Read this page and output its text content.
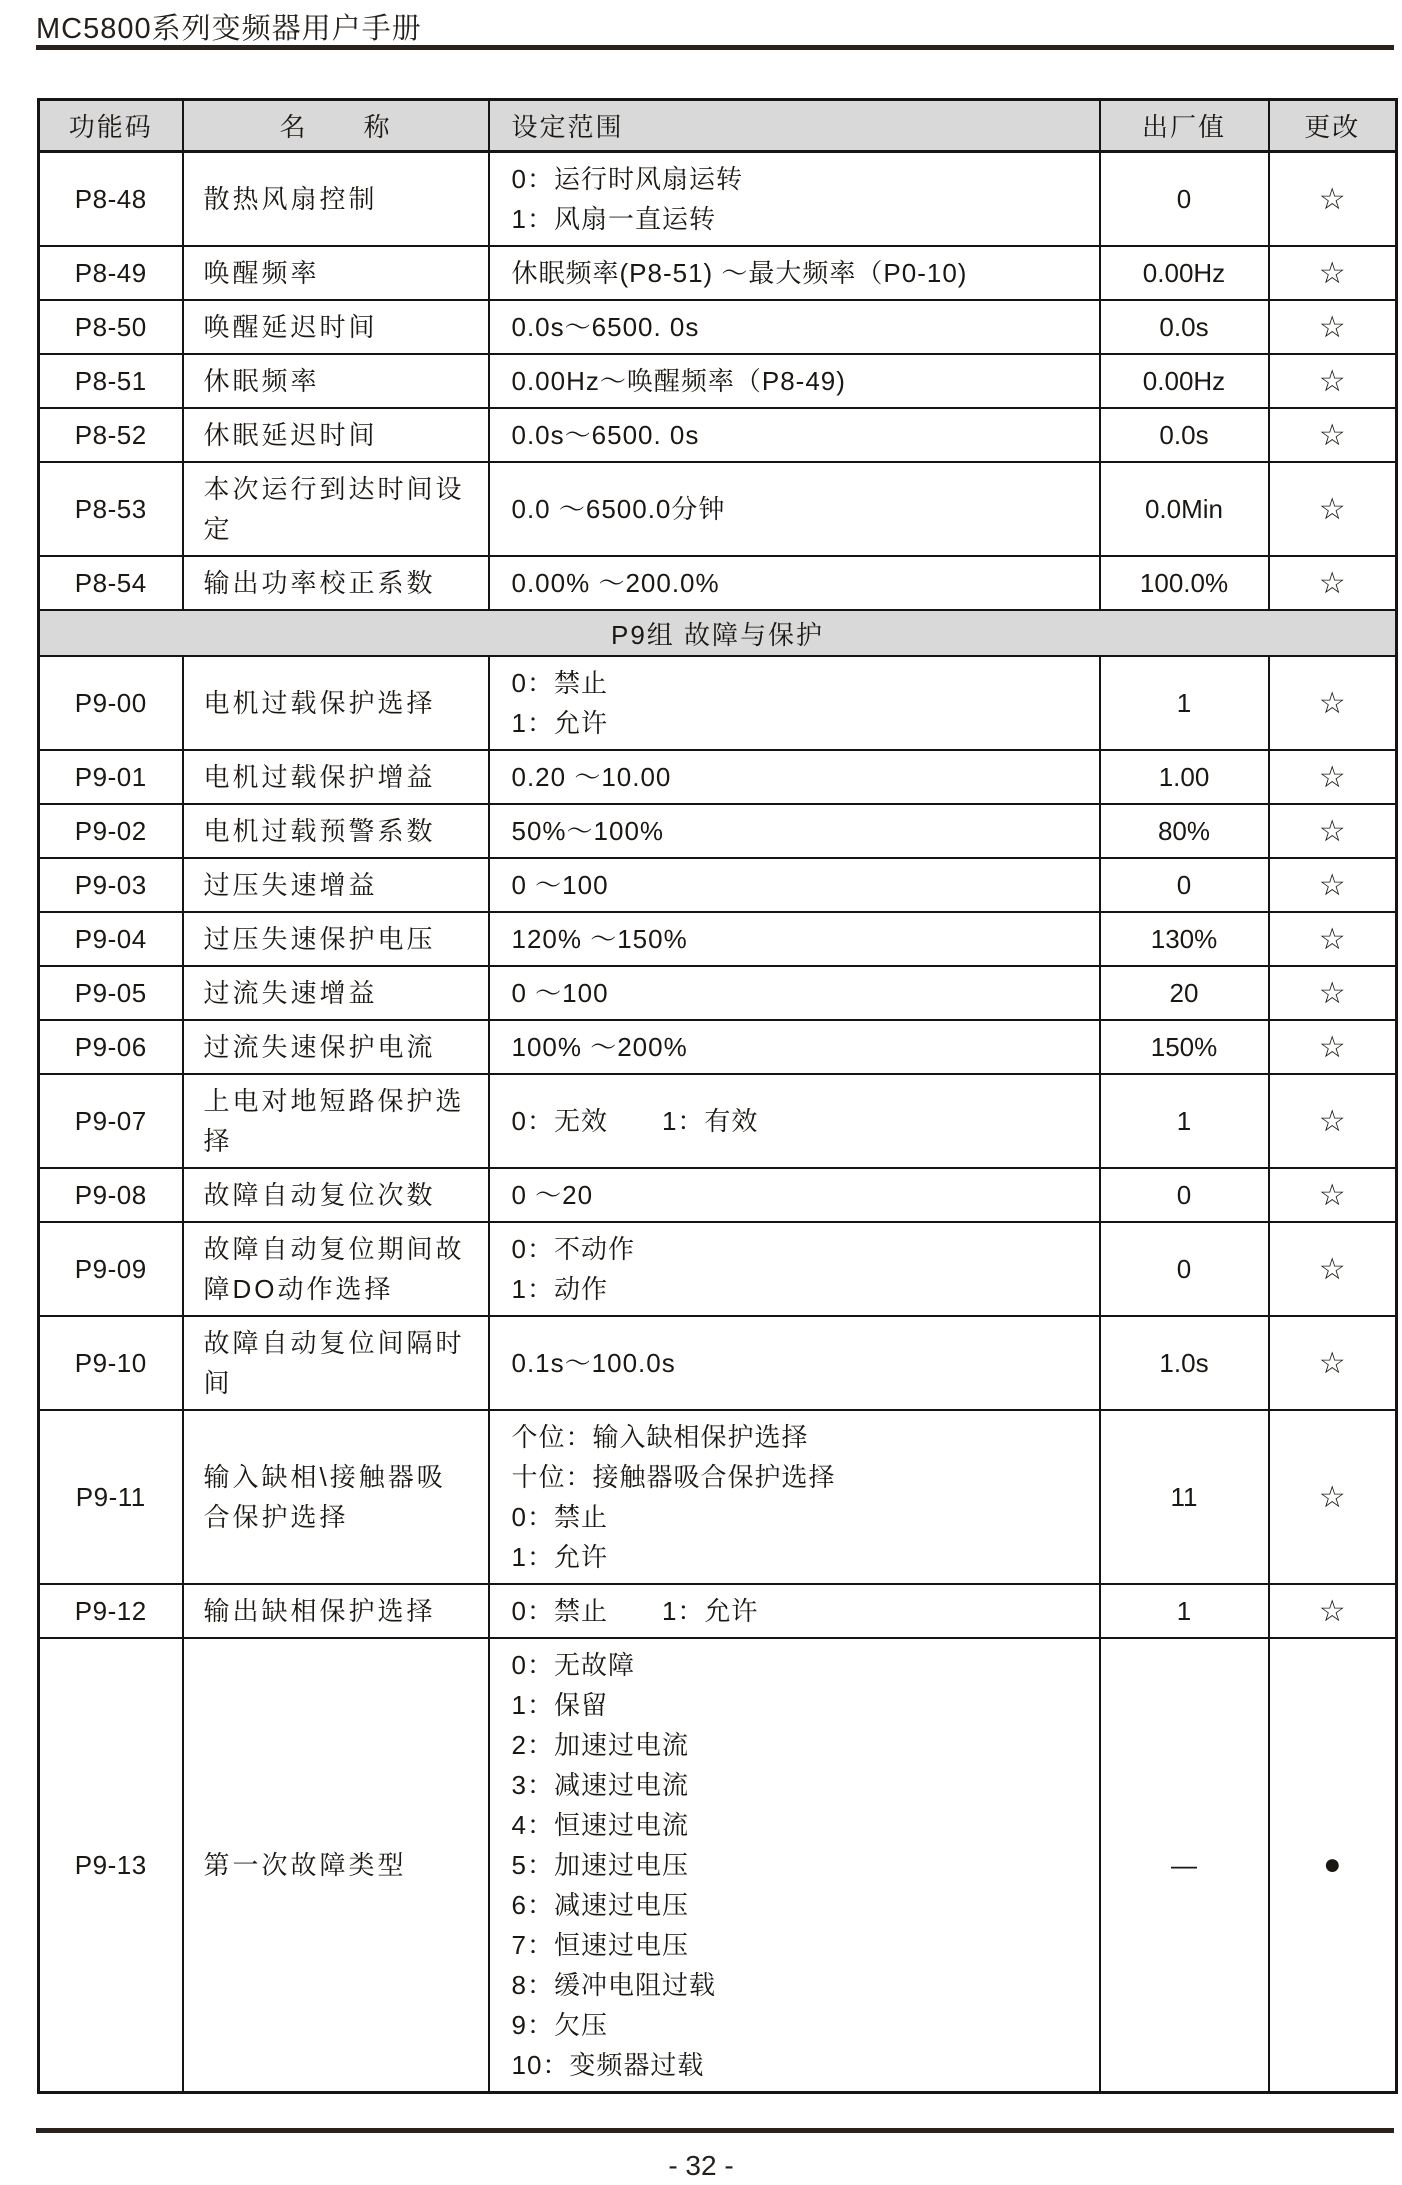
MC5800系列变频器用户手册
功能码	名　　称	设定范围	出厂值	更改
P8-48	散热风扇控制	0：运行时风扇运转
1：风扇一直运转	0	☆
P8-49	唤醒频率	休眠频率(P8-51) ～最大频率（P0-10)	0.00Hz	☆
P8-50	唤醒延迟时间	0.0s～6500. 0s	0.0s	☆
P8-51	休眠频率	0.00Hz～唤醒频率（P8-49)	0.00Hz	☆
P8-52	休眠延迟时间	0.0s～6500. 0s	0.0s	☆
P8-53	本次运行到达时间设定	0.0 ～6500.0分钟	0.0Min	☆
P8-54	输出功率校正系数	0.00% ～200.0%	100.0%	☆
P9组 故障与保护				
P9-00	电机过载保护选择	0：禁止
1：允许	1	☆
P9-01	电机过载保护增益	0.20 ～10.00	1.00	☆
P9-02	电机过载预警系数	50%～100%	80%	☆
P9-03	过压失速增益	0 ～100	0	☆
P9-04	过压失速保护电压	120% ～150%	130%	☆
P9-05	过流失速增益	0 ～100	20	☆
P9-06	过流失速保护电流	100% ～200%	150%	☆
P9-07	上电对地短路保护选择	0：无效　　1：有效	1	☆
P9-08	故障自动复位次数	0 ～20	0	☆
P9-09	故障自动复位期间故障DO动作选择	0：不动作
1：动作	0	☆
P9-10	故障自动复位间隔时间	0.1s～100.0s	1.0s	☆
P9-11	输入缺相\接触器吸合保护选择	个位：输入缺相保护选择
十位：接触器吸合保护选择
0：禁止
1：允许	11	☆
P9-12	输出缺相保护选择	0：禁止　　1：允许	1	☆
P9-13	第一次故障类型	
0：无故障
1：保留
2：加速过电流
3：减速过电流
4：恒速过电流
5：加速过电压
6：减速过电压
7：恒速过电压
8：缓冲电阻过载
9：欠压
10：变频器过载
	—	●
- 32 -
